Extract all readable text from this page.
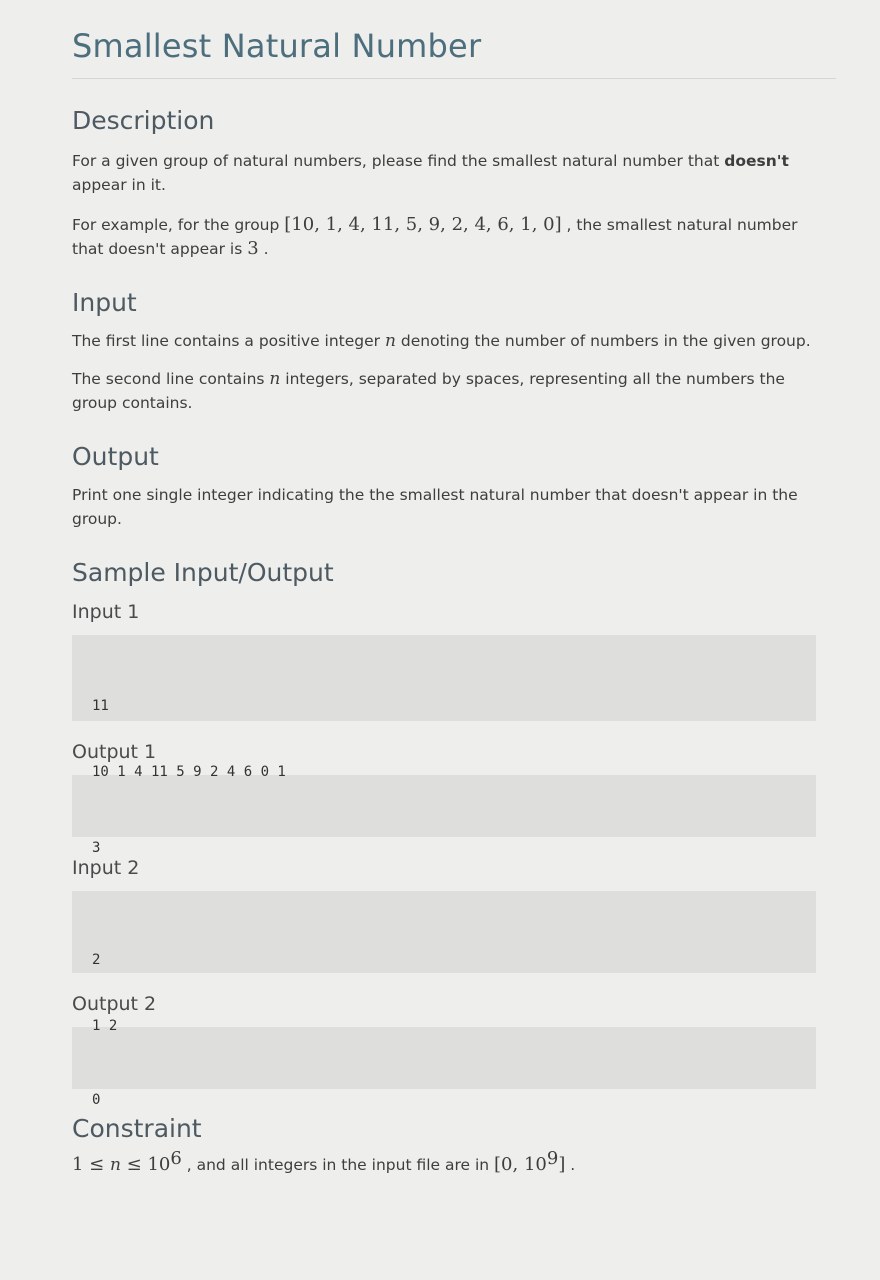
Smallest Natural Number
Description

For a given group of natural numbers, please find the smallest natural number that doesn't appear in it.

For example, for the group [10, 1, 4, 11, 5, 9, 2, 4, 6, 1, 0] , the smallest natural number that doesn't appear is 3 .

Input

The first line contains a positive integer n denoting the number of numbers in the given group.

The second line contains n integers, separated by spaces, representing all the numbers the group contains.

Output

Print one single integer indicating the the smallest natural number that doesn't appear in the group.

Sample Input/Output
Input 1

11

10 1 4 11 5 9 2 4 6 0 1

Output 1

3

Input 2

2

1 2

Output 2

0

Constraint

$1 \le n \le 10^6$ , and all integers in the input file are in [0, $10^9$] .
